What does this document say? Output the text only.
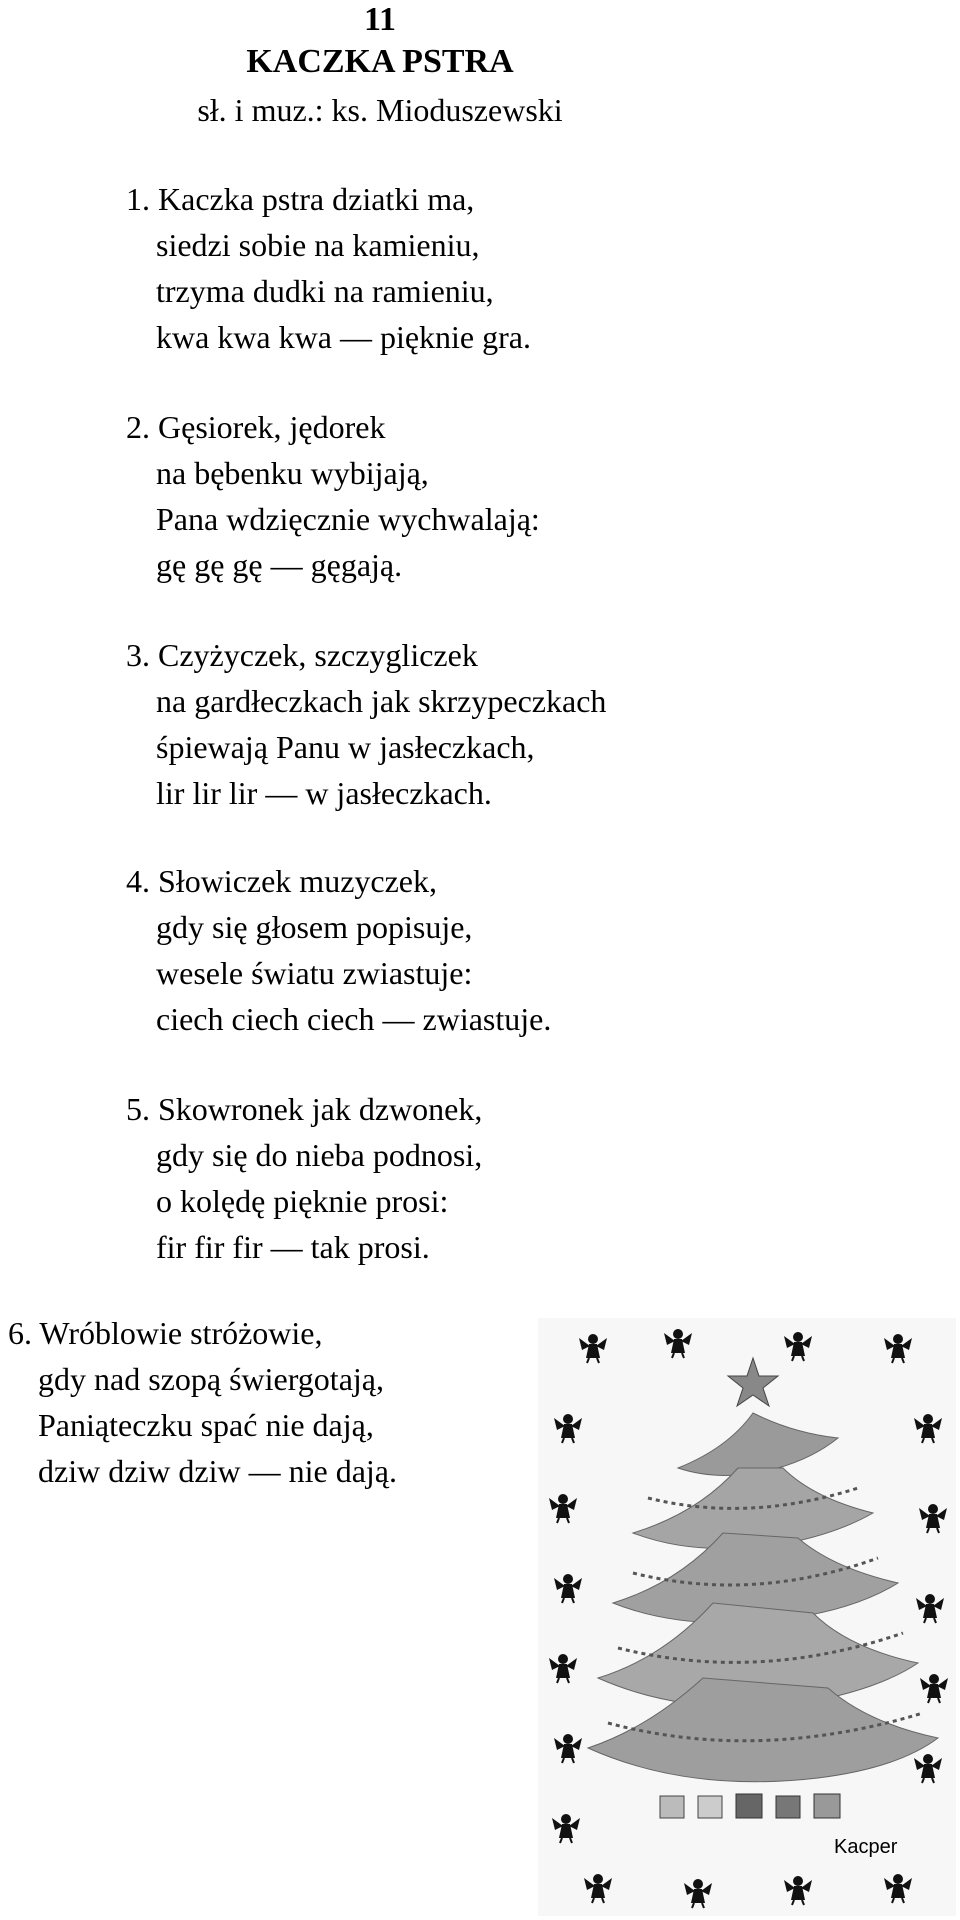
11
KACZKA PSTRA
sł. i muz.: ks. Mioduszewski
1. Kaczka pstra dziatki ma,
siedzi sobie na kamieniu,
trzyma dudki na ramieniu,
kwa kwa kwa — pięknie gra.
2. Gęsiorek, jędorek
na bębenku wybijają,
Pana wdzięcznie wychwalają:
gę gę gę — gęgają.
3. Czyżyczek, szczygliczek
na gardłeczkach jak skrzypeczkach
śpiewają Panu w jasłeczkach,
lir lir lir — w jasłeczkach.
4. Słowiczek muzyczek,
gdy się głosem popisuje,
wesele światu zwiastuje:
ciech ciech ciech — zwiastuje.
5. Skowronek jak dzwonek,
gdy się do nieba podnosi,
o kolędę pięknie prosi:
fir fir fir — tak prosi.
6. Wróblowie stróżowie,
gdy nad szopą świergotają,
Paniąteczku spać nie dają,
dziw dziw dziw — nie dają.
Kacper
